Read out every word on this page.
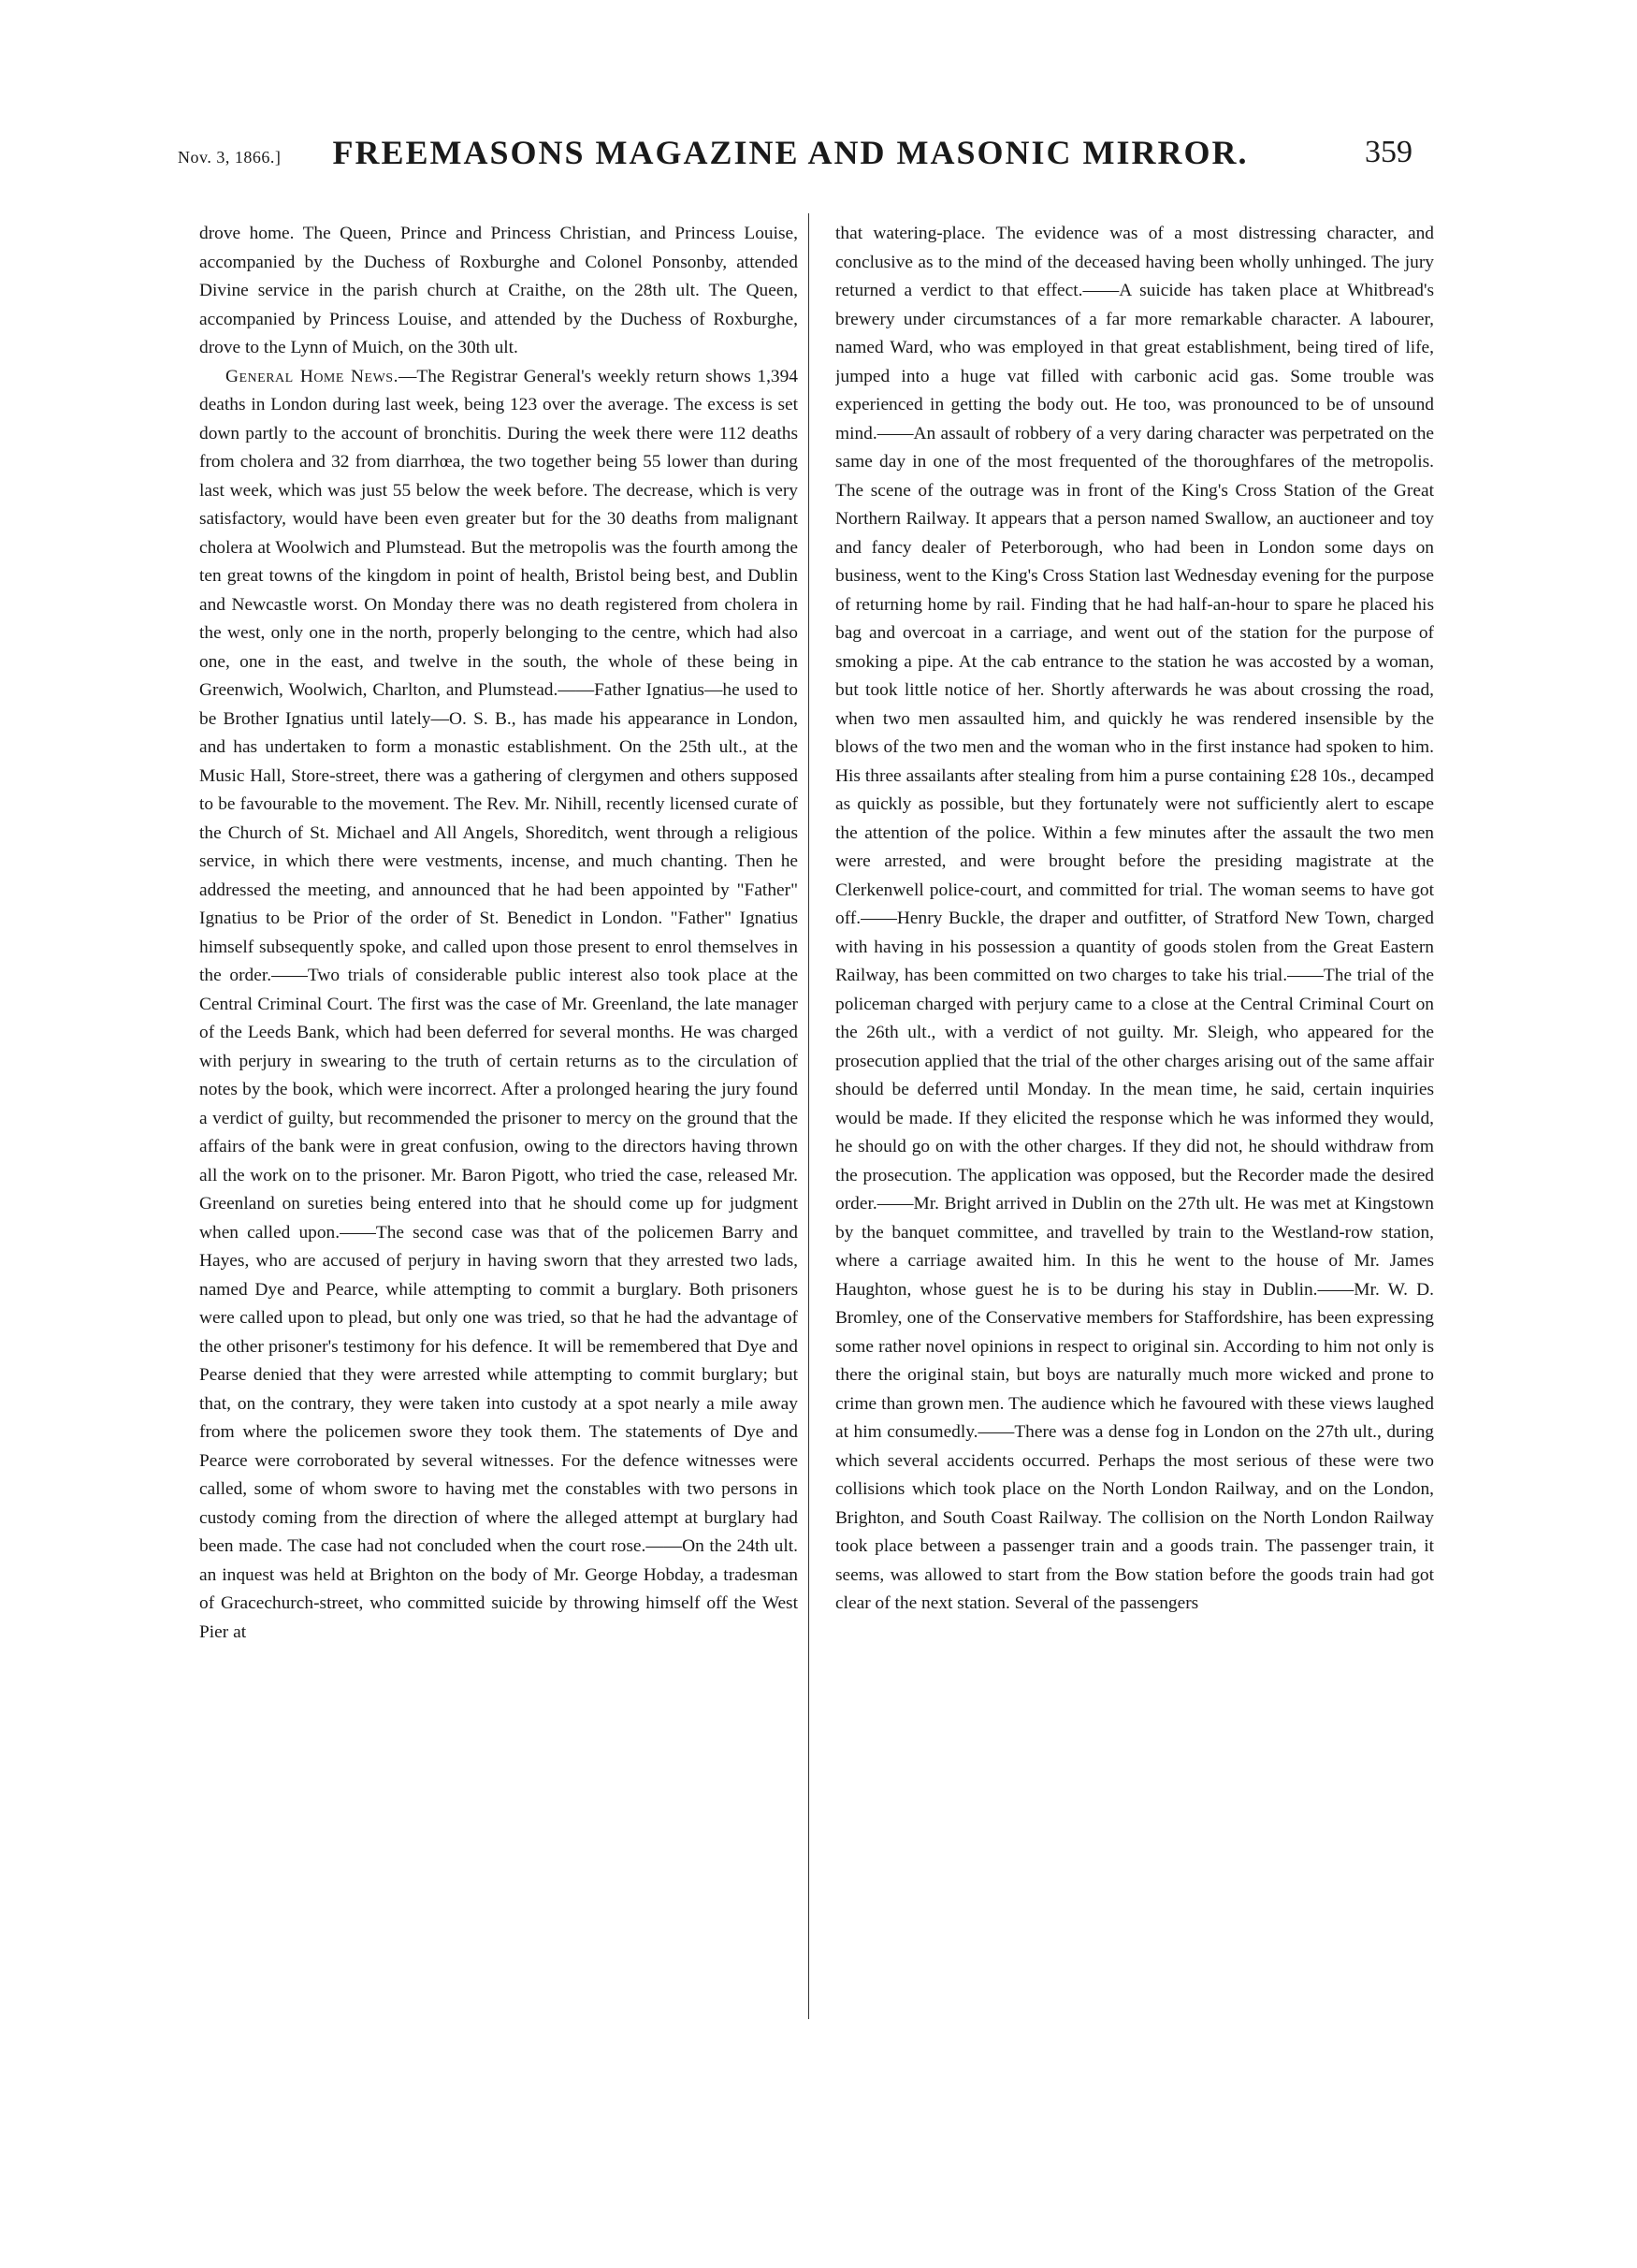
Nov. 3, 1866.]	FREEMASONS MAGAZINE AND MASONIC MIRROR.	359

drove home. The Queen, Prince and Princess Christian, and Princess Louise, accompanied by the Duchess of Roxburghe and Colonel Ponsonby, attended Divine service in the parish church at Craithe, on the 28th ult. The Queen, accompanied by Princess Louise, and attended by the Duchess of Roxburghe, drove to the Lynn of Muich, on the 30th ult.

General Home News.—The Registrar General's weekly return shows 1,394 deaths in London during last week, being 123 over the average. The excess is set down partly to the account of bronchitis. During the week there were 112 deaths from cholera and 32 from diarrhœa, the two together being 55 lower than during last week, which was just 55 below the week before. The decrease, which is very satisfactory, would have been even greater but for the 30 deaths from malignant cholera at Woolwich and Plumstead. But the metropolis was the fourth among the ten great towns of the kingdom in point of health, Bristol being best, and Dublin and Newcastle worst. On Monday there was no death registered from cholera in the west, only one in the north, properly belonging to the centre, which had also one, one in the east, and twelve in the south, the whole of these being in Greenwich, Woolwich, Charlton, and Plumstead.——Father Ignatius—he used to be Brother Ignatius until lately—O. S. B., has made his appearance in London, and has undertaken to form a monastic establishment. On the 25th ult., at the Music Hall, Store-street, there was a gathering of clergymen and others supposed to be favourable to the movement. The Rev. Mr. Nihill, recently licensed curate of the Church of St. Michael and All Angels, Shoreditch, went through a religious service, in which there were vestments, incense, and much chanting. Then he addressed the meeting, and announced that he had been appointed by "Father" Ignatius to be Prior of the order of St. Benedict in London. "Father" Ignatius himself subsequently spoke, and called upon those present to enrol themselves in the order.——Two trials of considerable public interest also took place at the Central Criminal Court. The first was the case of Mr. Greenland, the late manager of the Leeds Bank, which had been deferred for several months. He was charged with perjury in swearing to the truth of certain returns as to the circulation of notes by the book, which were incorrect. After a prolonged hearing the jury found a verdict of guilty, but recommended the prisoner to mercy on the ground that the affairs of the bank were in great confusion, owing to the directors having thrown all the work on to the prisoner. Mr. Baron Pigott, who tried the case, released Mr. Greenland on sureties being entered into that he should come up for judgment when called upon.——The second case was that of the policemen Barry and Hayes, who are accused of perjury in having sworn that they arrested two lads, named Dye and Pearce, while attempting to commit a burglary. Both prisoners were called upon to plead, but only one was tried, so that he had the advantage of the other prisoner's testimony for his defence. It will be remembered that Dye and Pearse denied that they were arrested while attempting to commit burglary; but that, on the contrary, they were taken into custody at a spot nearly a mile away from where the policemen swore they took them. The statements of Dye and Pearce were corroborated by several witnesses. For the defence witnesses were called, some of whom swore to having met the constables with two persons in custody coming from the direction of where the alleged attempt at burglary had been made. The case had not concluded when the court rose.——On the 24th ult. an inquest was held at Brighton on the body of Mr. George Hobday, a tradesman of Gracechurch-street, who committed suicide by throwing himself off the West Pier at

that watering-place. The evidence was of a most distressing character, and conclusive as to the mind of the deceased having been wholly unhinged. The jury returned a verdict to that effect.——A suicide has taken place at Whitbread's brewery under circumstances of a far more remarkable character. A labourer, named Ward, who was employed in that great establishment, being tired of life, jumped into a huge vat filled with carbonic acid gas. Some trouble was experienced in getting the body out. He too, was pronounced to be of unsound mind.——An assault of robbery of a very daring character was perpetrated on the same day in one of the most frequented of the thoroughfares of the metropolis. The scene of the outrage was in front of the King's Cross Station of the Great Northern Railway. It appears that a person named Swallow, an auctioneer and toy and fancy dealer of Peterborough, who had been in London some days on business, went to the King's Cross Station last Wednesday evening for the purpose of returning home by rail. Finding that he had half-an-hour to spare he placed his bag and overcoat in a carriage, and went out of the station for the purpose of smoking a pipe. At the cab entrance to the station he was accosted by a woman, but took little notice of her. Shortly afterwards he was about crossing the road, when two men assaulted him, and quickly he was rendered insensible by the blows of the two men and the woman who in the first instance had spoken to him. His three assailants after stealing from him a purse containing £28 10s., decamped as quickly as possible, but they fortunately were not sufficiently alert to escape the attention of the police. Within a few minutes after the assault the two men were arrested, and were brought before the presiding magistrate at the Clerkenwell police-court, and committed for trial. The woman seems to have got off.——Henry Buckle, the draper and outfitter, of Stratford New Town, charged with having in his possession a quantity of goods stolen from the Great Eastern Railway, has been committed on two charges to take his trial.——The trial of the policeman charged with perjury came to a close at the Central Criminal Court on the 26th ult., with a verdict of not guilty. Mr. Sleigh, who appeared for the prosecution applied that the trial of the other charges arising out of the same affair should be deferred until Monday. In the mean time, he said, certain inquiries would be made. If they elicited the response which he was informed they would, he should go on with the other charges. If they did not, he should withdraw from the prosecution. The application was opposed, but the Recorder made the desired order.——Mr. Bright arrived in Dublin on the 27th ult. He was met at Kingstown by the banquet committee, and travelled by train to the Westland-row station, where a carriage awaited him. In this he went to the house of Mr. James Haughton, whose guest he is to be during his stay in Dublin.——Mr. W. D. Bromley, one of the Conservative members for Staffordshire, has been expressing some rather novel opinions in respect to original sin. According to him not only is there the original stain, but boys are naturally much more wicked and prone to crime than grown men. The audience which he favoured with these views laughed at him consumedly.——There was a dense fog in London on the 27th ult., during which several accidents occurred. Perhaps the most serious of these were two collisions which took place on the North London Railway, and on the London, Brighton, and South Coast Railway. The collision on the North London Railway took place between a passenger train and a goods train. The passenger train, it seems, was allowed to start from the Bow station before the goods train had got clear of the next station. Several of the passengers
